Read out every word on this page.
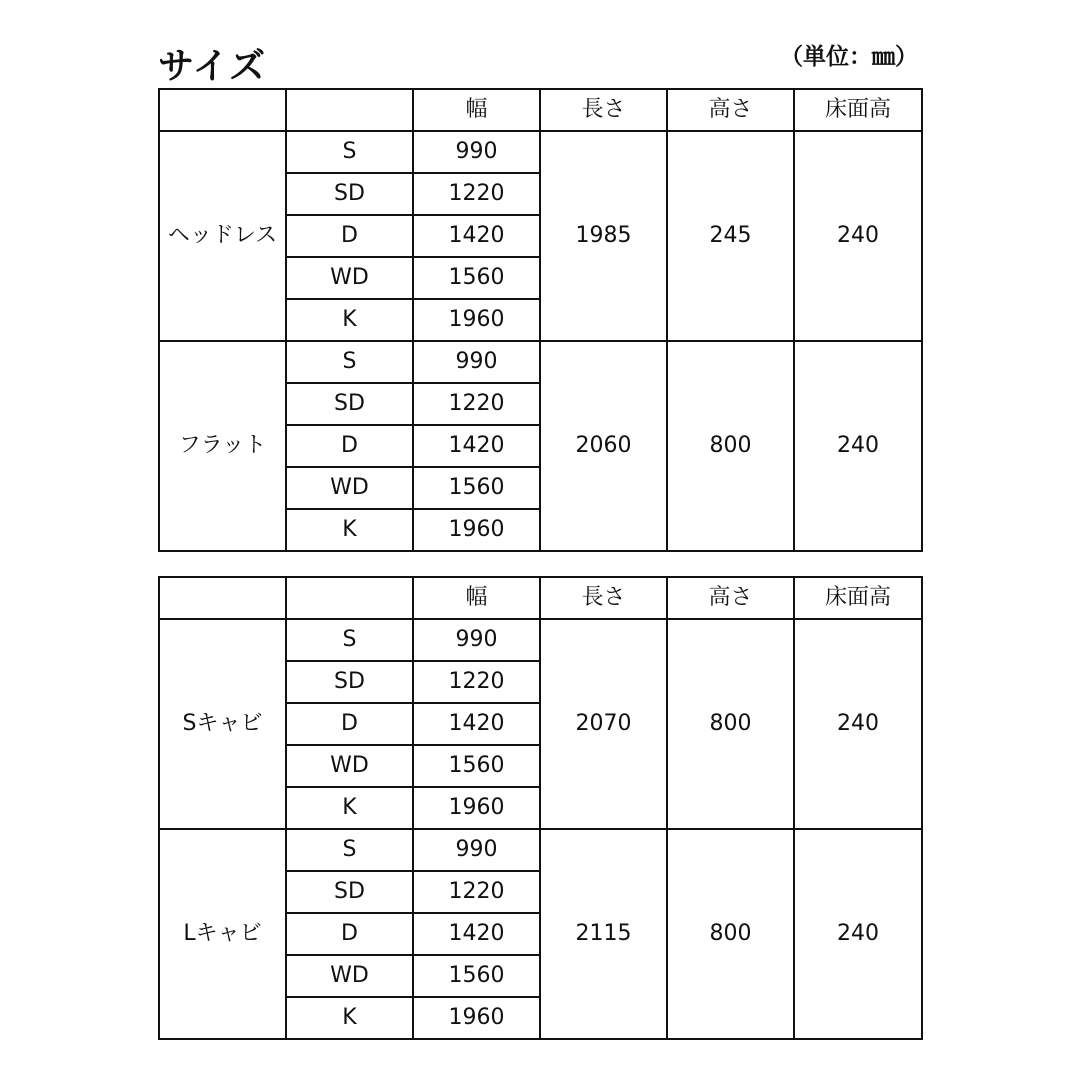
サイズ	（単位：㎜）
		幅	長さ	高さ	床面高
ヘッドレス	S	990	1985	245	240
	SD	1220			
	D	1420			
	WD	1560			
	K	1960			
フラット	S	990	2060	800	240
	SD	1220			
	D	1420			
	WD	1560			
	K	1960			
		幅	長さ	高さ	床面高
Sキャビ	S	990	2070	800	240
	SD	1220			
	D	1420			
	WD	1560			
	K	1960			
Lキャビ	S	990	2115	800	240
	SD	1220			
	D	1420			
	WD	1560			
	K	1960			
